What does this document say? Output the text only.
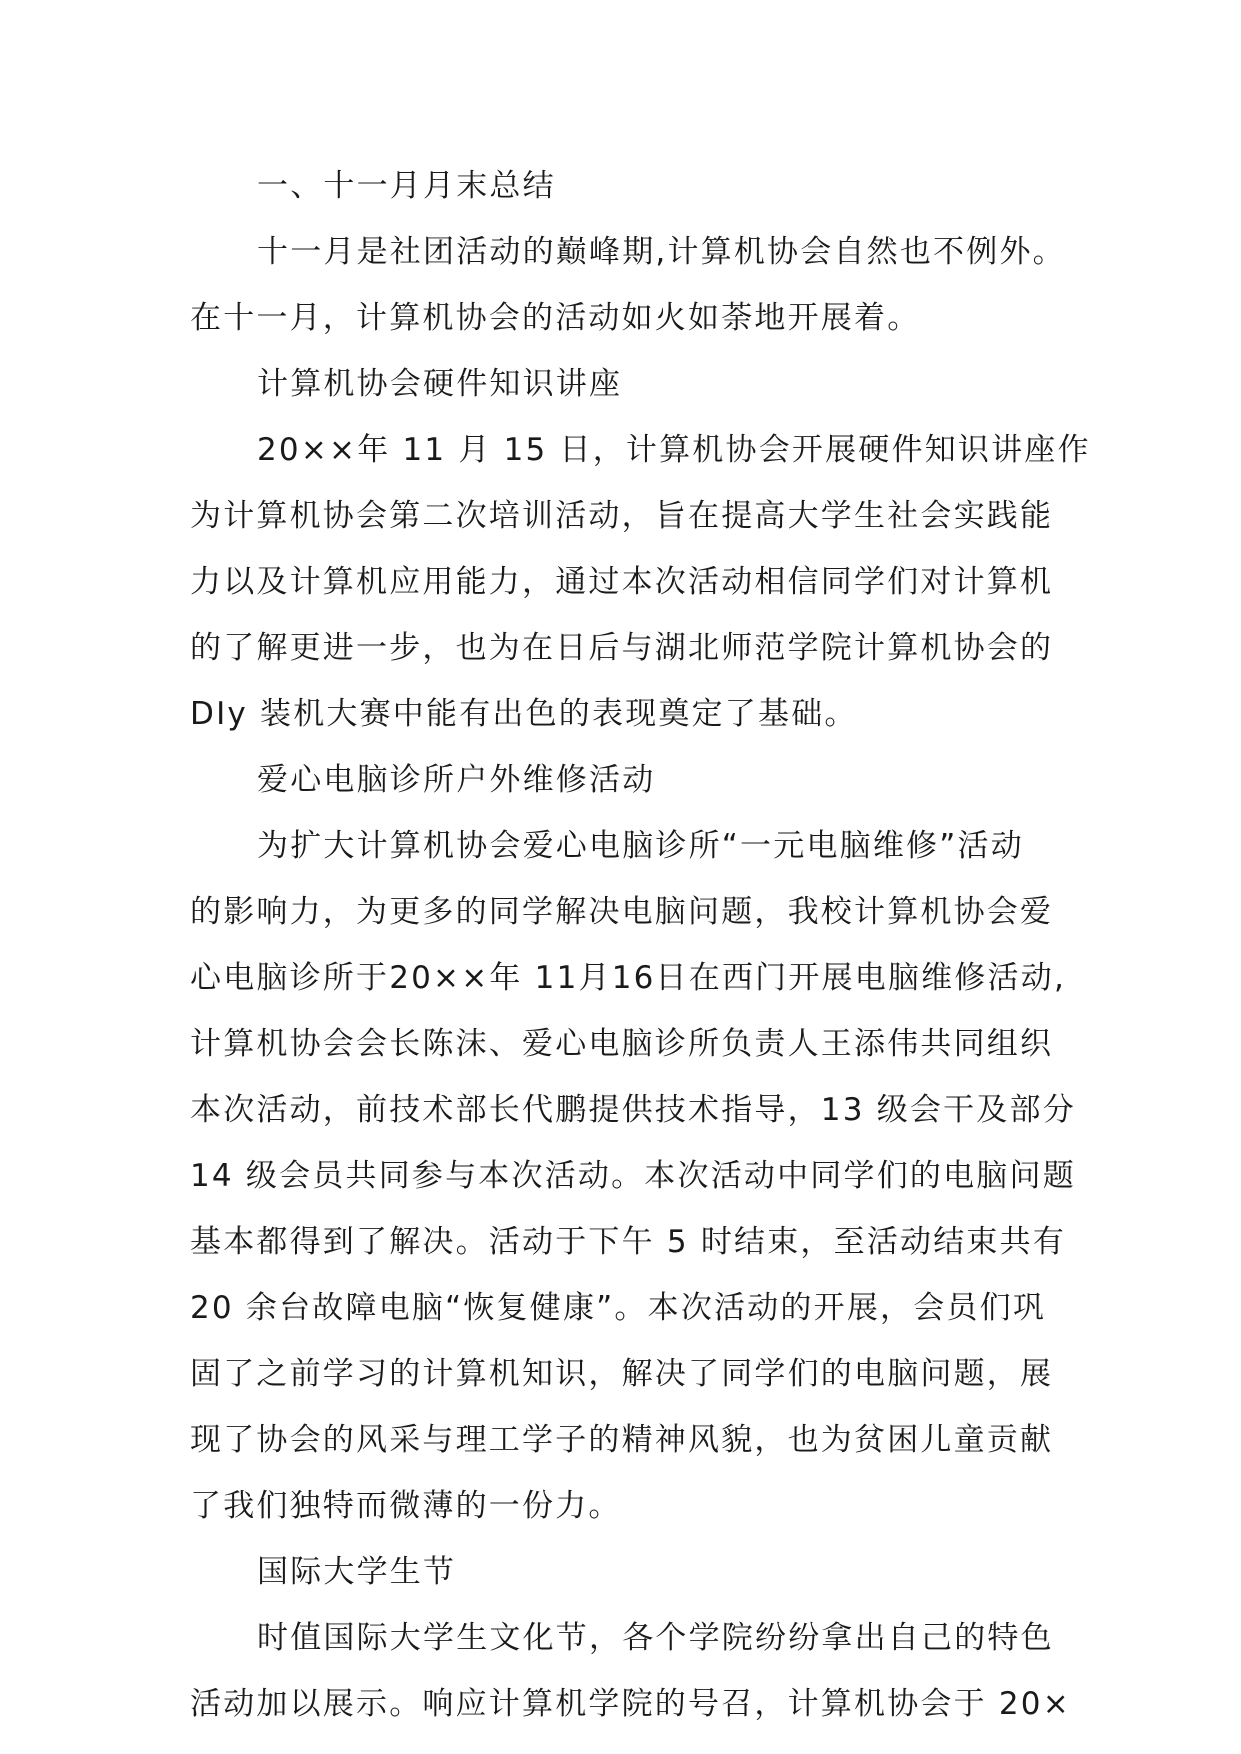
一、十一月月末总结
十一月是社团活动的巅峰期,计算机协会自然也不例外。
在十一月，计算机协会的活动如火如荼地开展着。
计算机协会硬件知识讲座
20××年 11 月 15 日，计算机协会开展硬件知识讲座作
为计算机协会第二次培训活动，旨在提高大学生社会实践能
力以及计算机应用能力，通过本次活动相信同学们对计算机
的了解更进一步，也为在日后与湖北师范学院计算机协会的
DIy 装机大赛中能有出色的表现奠定了基础。
爱心电脑诊所户外维修活动
为扩大计算机协会爱心电脑诊所“一元电脑维修”活动
的影响力，为更多的同学解决电脑问题，我校计算机协会爱
心电脑诊所于20××年 11月16日在西门开展电脑维修活动,
计算机协会会长陈沫、爱心电脑诊所负责人王添伟共同组织
本次活动，前技术部长代鹏提供技术指导，13 级会干及部分
14 级会员共同参与本次活动。本次活动中同学们的电脑问题
基本都得到了解决。活动于下午 5 时结束，至活动结束共有
20 余台故障电脑“恢复健康”。本次活动的开展，会员们巩
固了之前学习的计算机知识，解决了同学们的电脑问题，展
现了协会的风采与理工学子的精神风貌，也为贫困儿童贡献
了我们独特而微薄的一份力。
国际大学生节
时值国际大学生文化节，各个学院纷纷拿出自己的特色
活动加以展示。响应计算机学院的号召，计算机协会于 20×
